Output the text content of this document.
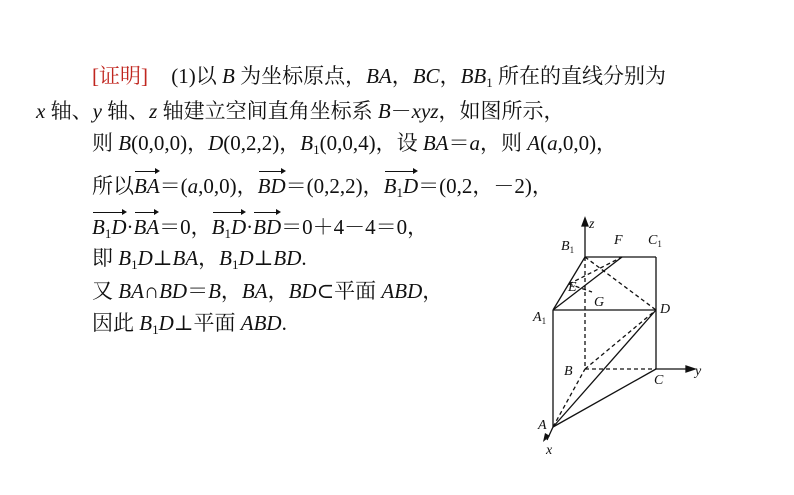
[证明] (1)以 B 为坐标原点，BA，BC，$BB_1$ 所在的直线分别为
x 轴、y 轴、z 轴建立空间直角坐标系 B－xyz，如图所示，
则 B(0,0,0)，D(0,2,2)，$B_1(0,0,4)$，设 BA＝a，则 A(a,0,0)，
所以BA＝(a,0,0)，BD＝(0,2,2)，$B_1D=(0,2$，－2)，
$B_1D\cdot BA=0$，$B_1D\cdot BD=0+4-4=0$，
即 $B_1D\perp BA$，$B_1D\perp BD$.
又 BA∩BD＝B，BA，BD⊂平面 ABD，
因此 $B_1D\perp$平面 ABD.
z
$B_1$
F $C_1$
E
G
$A_1$
D
B
C
y
A
x
